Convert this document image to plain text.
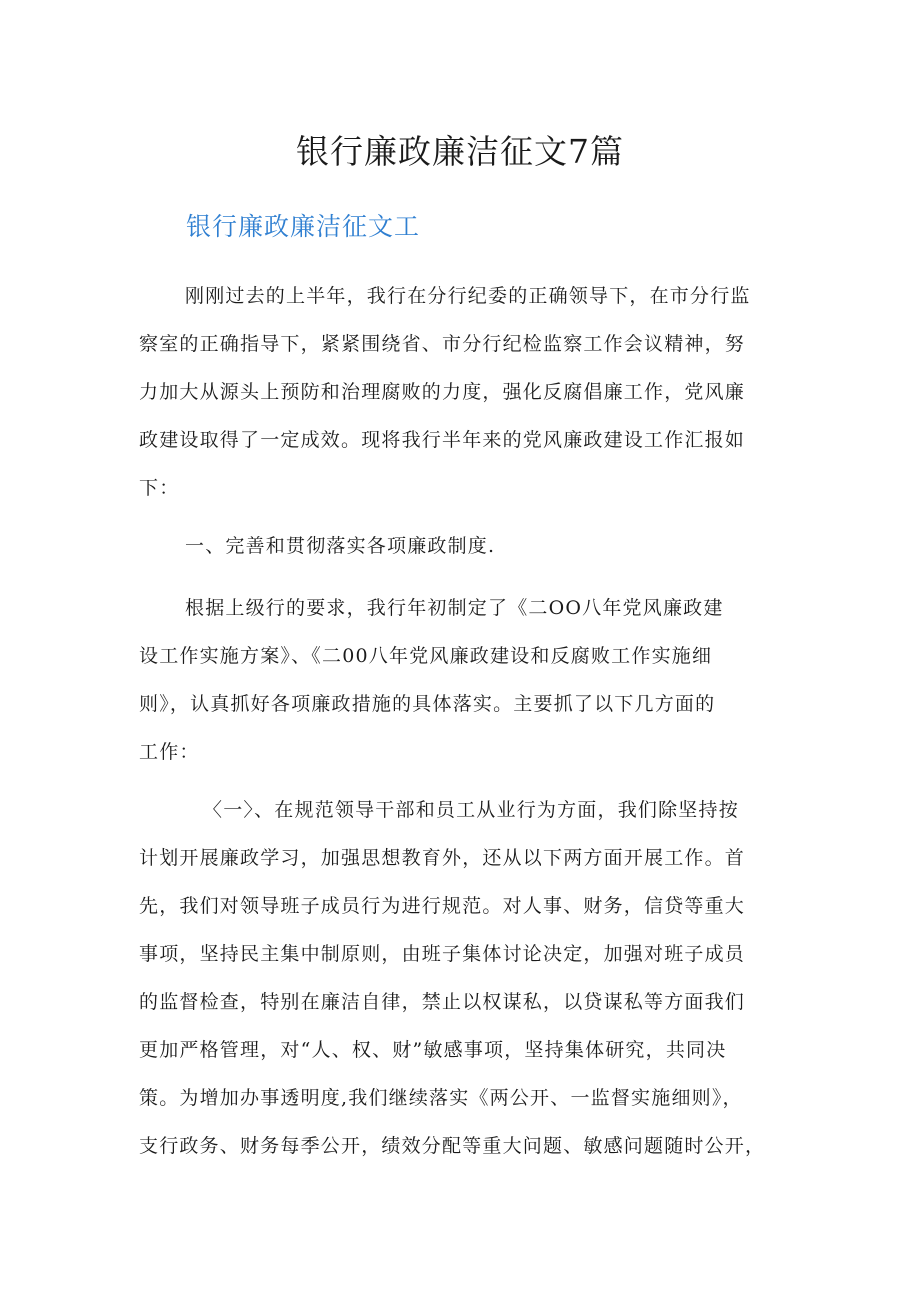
银行廉政廉洁征文7篇
银行廉政廉洁征文工
刚刚过去的上半年，我行在分行纪委的正确领导下，在市分行监
察室的正确指导下，紧紧围绕省、市分行纪检监察工作会议精神，努
力加大从源头上预防和治理腐败的力度，强化反腐倡廉工作，党风廉
政建设取得了一定成效。现将我行半年来的党风廉政建设工作汇报如
下：
一、完善和贯彻落实各项廉政制度.
根据上级行的要求，我行年初制定了《二OO八年党风廉政建
设工作实施方案》、《二00八年党风廉政建设和反腐败工作实施细
则》，认真抓好各项廉政措施的具体落实。主要抓了以下几方面的
工作：
〈一〉、在规范领导干部和员工从业行为方面，我们除坚持按
计划开展廉政学习，加强思想教育外，还从以下两方面开展工作。首
先，我们对领导班子成员行为进行规范。对人事、财务，信贷等重大
事项，坚持民主集中制原则，由班子集体讨论决定，加强对班子成员
的监督检查，特别在廉洁自律，禁止以权谋私，以贷谋私等方面我们
更加严格管理，对“人、权、财”敏感事项，坚持集体研究，共同决
策。为增加办事透明度,我们继续落实《两公开、一监督实施细则》，
支行政务、财务每季公开，绩效分配等重大问题、敏感问题随时公开，
